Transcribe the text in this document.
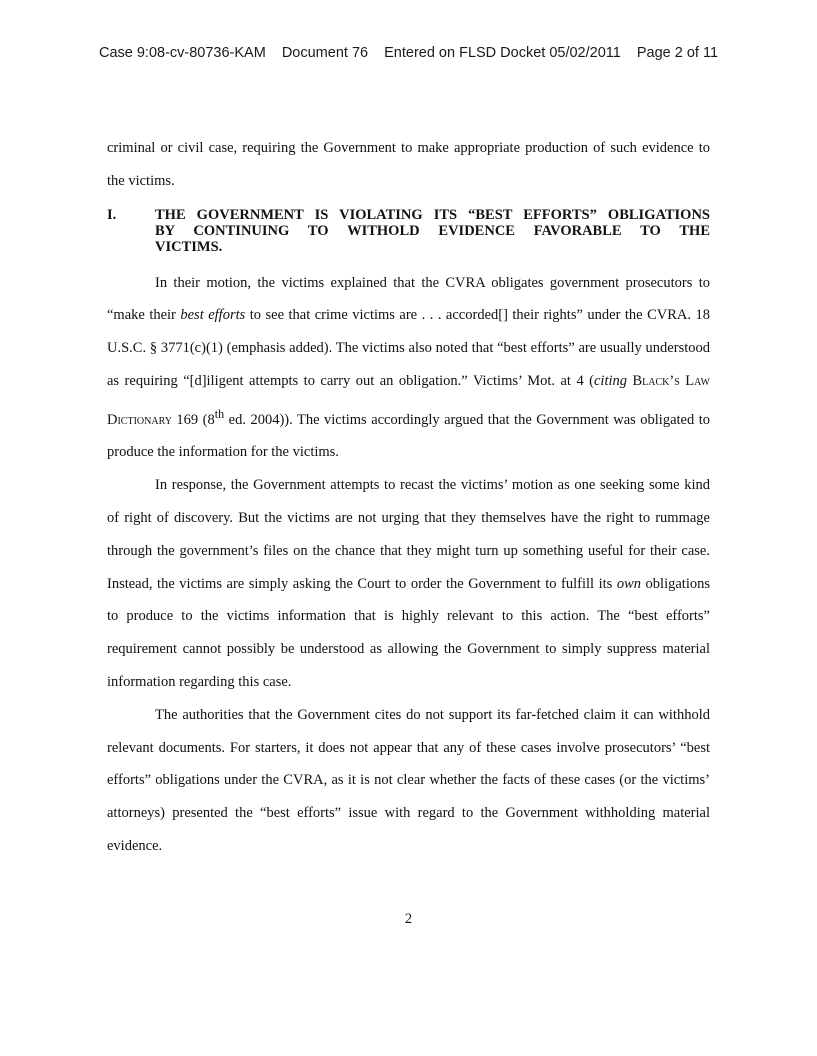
Case 9:08-cv-80736-KAM Document 76 Entered on FLSD Docket 05/02/2011 Page 2 of 11

criminal or civil case, requiring the Government to make appropriate production of such evidence to the victims.

I.	THE GOVERNMENT IS VIOLATING ITS “BEST EFFORTS” OBLIGATIONS
BY CONTINUING TO WITHOLD EVIDENCE FAVORABLE TO THE
VICTIMS.

In their motion, the victims explained that the CVRA obligates government prosecutors to “make their best efforts to see that crime victims are . . . accorded[] their rights” under the CVRA. 18 U.S.C. § 3771(c)(1) (emphasis added). The victims also noted that “best efforts” are usually understood as requiring “[d]iligent attempts to carry out an obligation.” Victims’ Mot. at 4 (citing Black’s Law Dictionary 169 (8th ed. 2004)). The victims accordingly argued that the Government was obligated to produce the information for the victims.

In response, the Government attempts to recast the victims’ motion as one seeking some kind of right of discovery. But the victims are not urging that they themselves have the right to rummage through the government’s files on the chance that they might turn up something useful for their case. Instead, the victims are simply asking the Court to order the Government to fulfill its own obligations to produce to the victims information that is highly relevant to this action. The “best efforts” requirement cannot possibly be understood as allowing the Government to simply suppress material information regarding this case.

The authorities that the Government cites do not support its far-fetched claim it can withhold relevant documents. For starters, it does not appear that any of these cases involve prosecutors’ “best efforts” obligations under the CVRA, as it is not clear whether the facts of these cases (or the victims’ attorneys) presented the “best efforts” issue with regard to the Government withholding material evidence.

2
